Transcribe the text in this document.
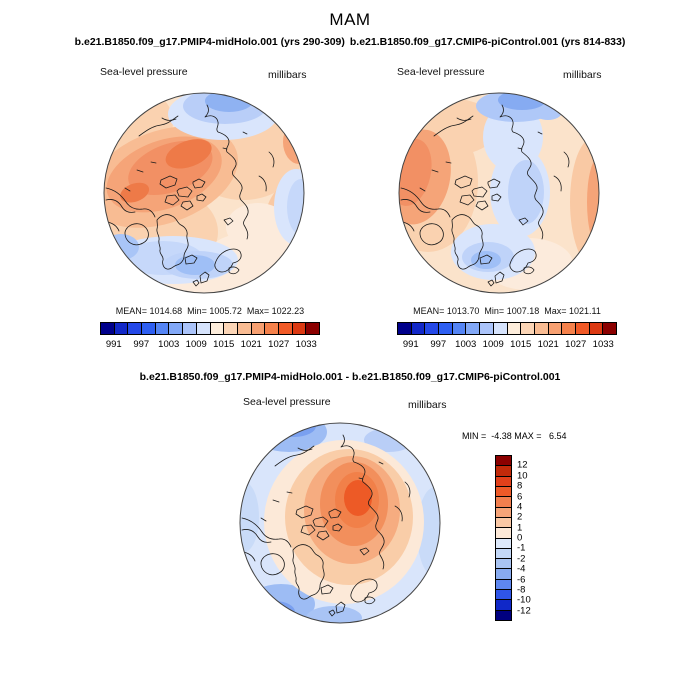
MAM
b.e21.B1850.f09_g17.PMIP4-midHolo.001 (yrs 290-309) b.e21.B1850.f09_g17.CMIP6-piControl.001 (yrs 814-833)
Sea-level pressure	millibars	Sea-level pressure	millibars
MEAN= 1014.68  Min= 1005.72  Max= 1022.23	MEAN= 1013.70  Min= 1007.18  Max= 1021.11
991 997 1003 1009 1015 1021 1027 1033	991 997 1003 1009 1015 1021 1027 1033
b.e21.B1850.f09_g17.PMIP4-midHolo.001 - b.e21.B1850.f09_g17.CMIP6-piControl.001
Sea-level pressure	millibars
MIN =  -4.38 MAX =   6.54
12
10
8
6
4
2
1
0
-1
-2
-4
-6
-8
-10
-12
